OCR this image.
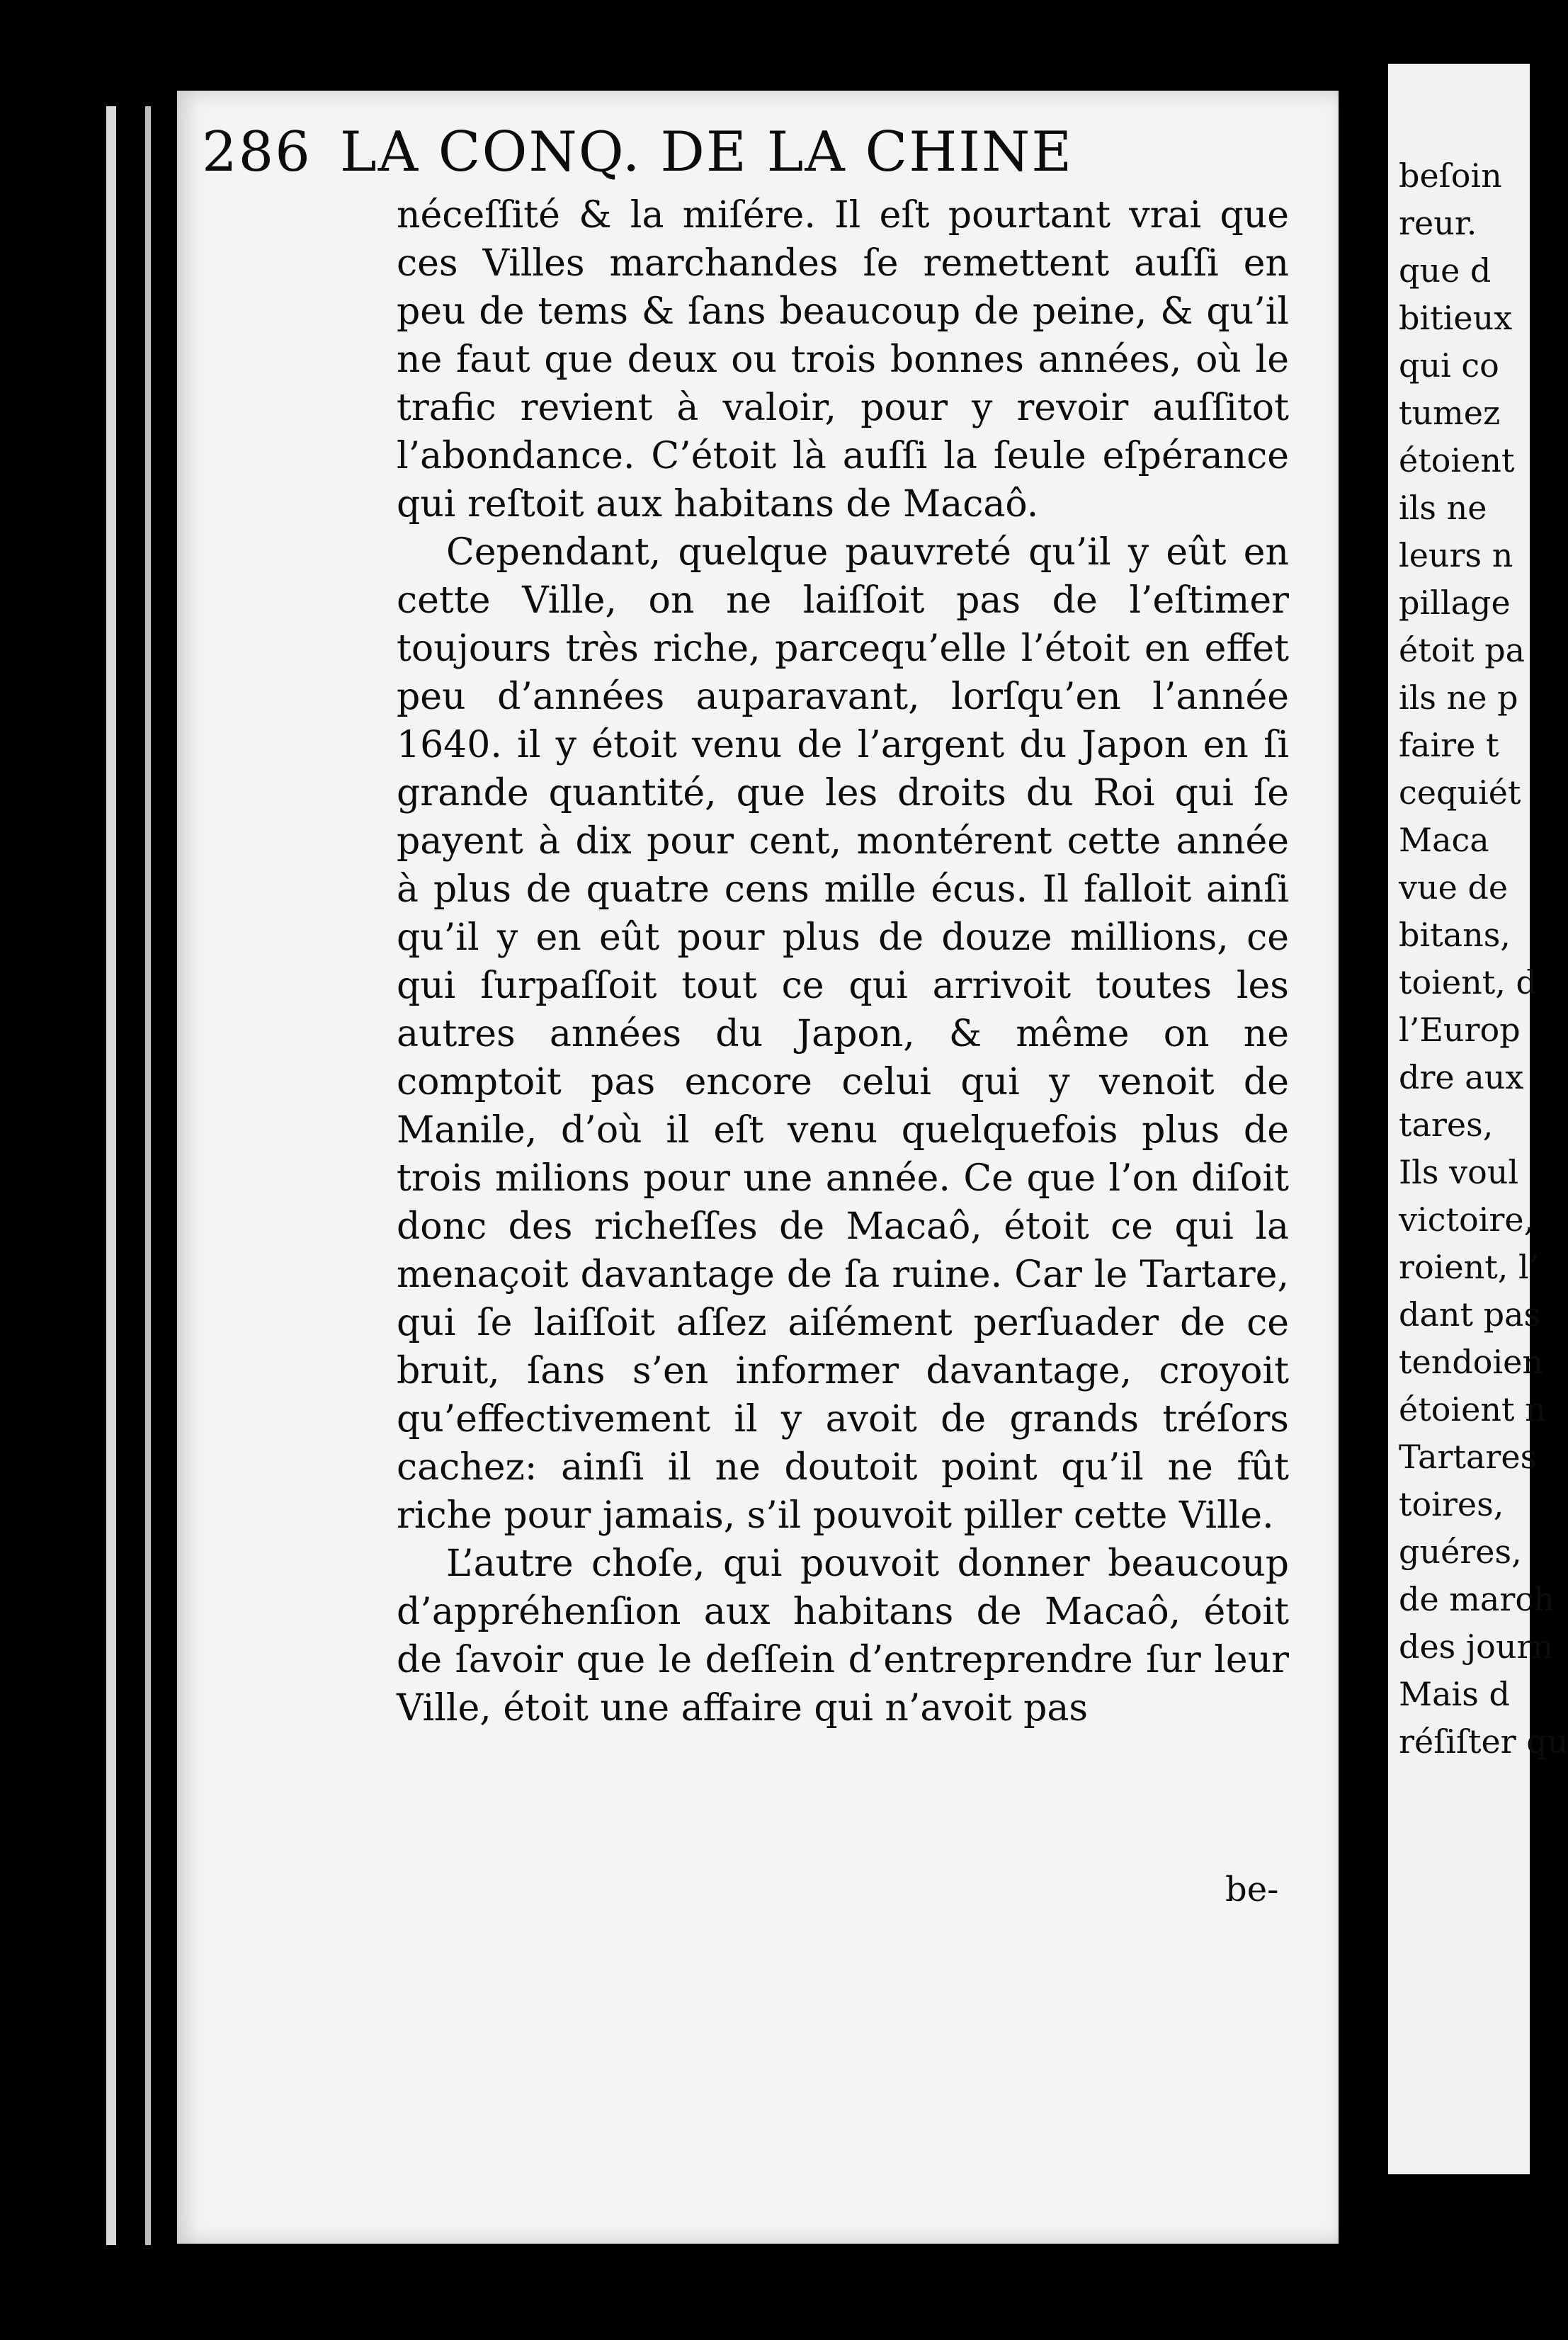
286 LA CONQ. DE LA CHINE

néceſſité & la miſére. Il eſt pourtant vrai que ces Villes marchandes ſe remettent auſſi en peu de tems & ſans beaucoup de peine, & qu’il ne faut que deux ou trois bonnes années, où le trafic revient à valoir, pour y revoir auſſitot l’abondance. C’étoit là auſſi la ſeule eſpérance qui reſtoit aux habitans de Macaô.

Cependant, quelque pauvreté qu’il y eût en cette Ville, on ne laiſſoit pas de l’eſtimer toujours très riche, parcequ’elle l’étoit en effet peu d’années auparavant, lorſqu’en l’année 1640. il y étoit venu de l’argent du Japon en ſi grande quantité, que les droits du Roi qui ſe payent à dix pour cent, montérent cette année à plus de quatre cens mille écus. Il falloit ainſi qu’il y en eût pour plus de douze millions, ce qui ſurpaſſoit tout ce qui arrivoit toutes les autres années du Japon, & même on ne comptoit pas encore celui qui y venoit de Manile, d’où il eſt venu quelquefois plus de trois milions pour une année. Ce que l’on diſoit donc des richeſſes de Macaô, étoit ce qui la menaçoit davantage de ſa ruine. Car le Tartare, qui ſe laiſſoit aſſez aiſément perſuader de ce bruit, ſans s’en informer davantage, croyoit qu’effectivement il y avoit de grands tréſors cachez: ainſi il ne doutoit point qu’il ne fût riche pour jamais, s’il pouvoit piller cette Ville.

L’autre choſe, qui pouvoit donner beaucoup d’appréhenſion aux habitans de Macaô, étoit de ſavoir que le deſſein d’entreprendre ſur leur Ville, étoit une affaire qui n’avoit pas

be-
beſoin
reur.
que d
bitieux
qui co
tumez
étoient
ils ne
leurs n
pillage
étoit pa
ils ne p
faire t
cequiét
Maca
vue de
bitans,
toient, d
l’Europ
dre aux
tares,
Ils voul
victoire,
roient, l’
dant pas
tendoien
étoient n
Tartares
toires,
guéres,
de march
des journ
Mais d
réſiſter qu
